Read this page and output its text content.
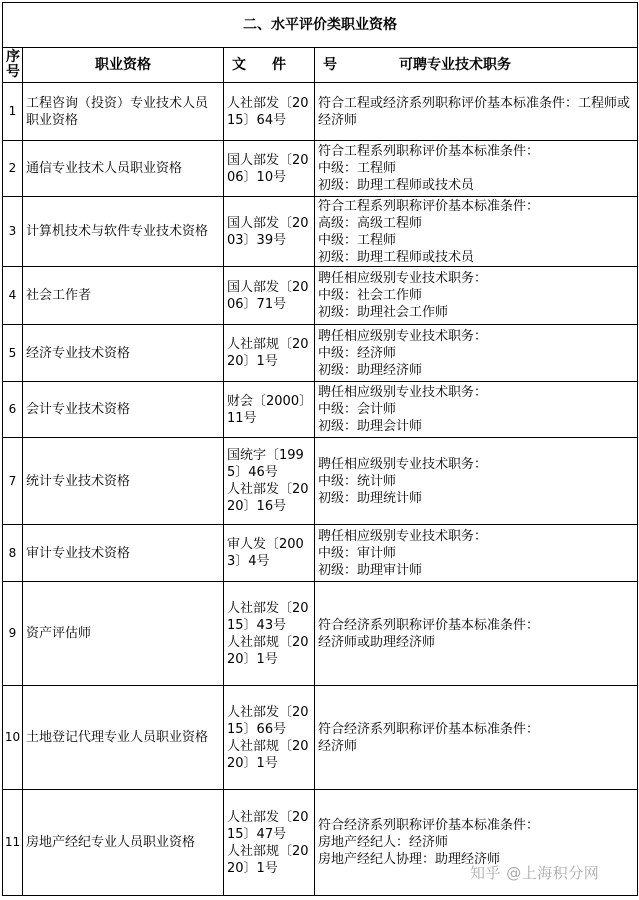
二、水平评价类职业资格			
序号	职业资格	文 件	号 可聘专业技术职务
1	工程咨询（投资）专业技术人员职业资格	人社部发〔2015〕64号	符合工程或经济系列职称评价基本标准条件：工程师或经济师
2	通信专业技术人员职业资格	国人部发〔2006〕10号	符合工程系列职称评价基本标准条件：
中级：工程师
初级：助理工程师或技术员
3	计算机技术与软件专业技术资格	国人部发〔2003〕39号	符合工程系列职称评价基本标准条件：
高级：高级工程师
中级：工程师
初级：助理工程师或技术员
4	社会工作者	国人部发〔2006〕71号	聘任相应级别专业技术职务：
中级：社会工作师
初级：助理社会工作师
5	经济专业技术资格	人社部规〔2020〕1号	聘任相应级别专业技术职务：
中级：经济师
初级：助理经济师
6	会计专业技术资格	财会〔2000〕11号	聘任相应级别专业技术职务：
中级：会计师
初级：助理会计师
7	统计专业技术资格	国统字〔1995〕46号
人社部发〔2020〕16号	聘任相应级别专业技术职务：
中级：统计师
初级：助理统计师
8	审计专业技术资格	审人发〔2003〕4号	聘任相应级别专业技术职务：
中级：审计师
初级：助理审计师
9	资产评估师	人社部发〔2015〕43号
人社部规〔2020〕1号	符合经济系列职称评价基本标准条件：
经济师或助理经济师
10	土地登记代理专业人员职业资格	人社部发〔2015〕66号
人社部规〔2020〕1号	符合经济系列职称评价基本标准条件：
经济师
11	房地产经纪专业人员职业资格	人社部发〔2015〕47号
人社部规〔2020〕1号	符合经济系列职称评价基本标准条件：
房地产经纪人：经济师
房地产经纪人协理：助理经济师
知乎 @上海积分网
